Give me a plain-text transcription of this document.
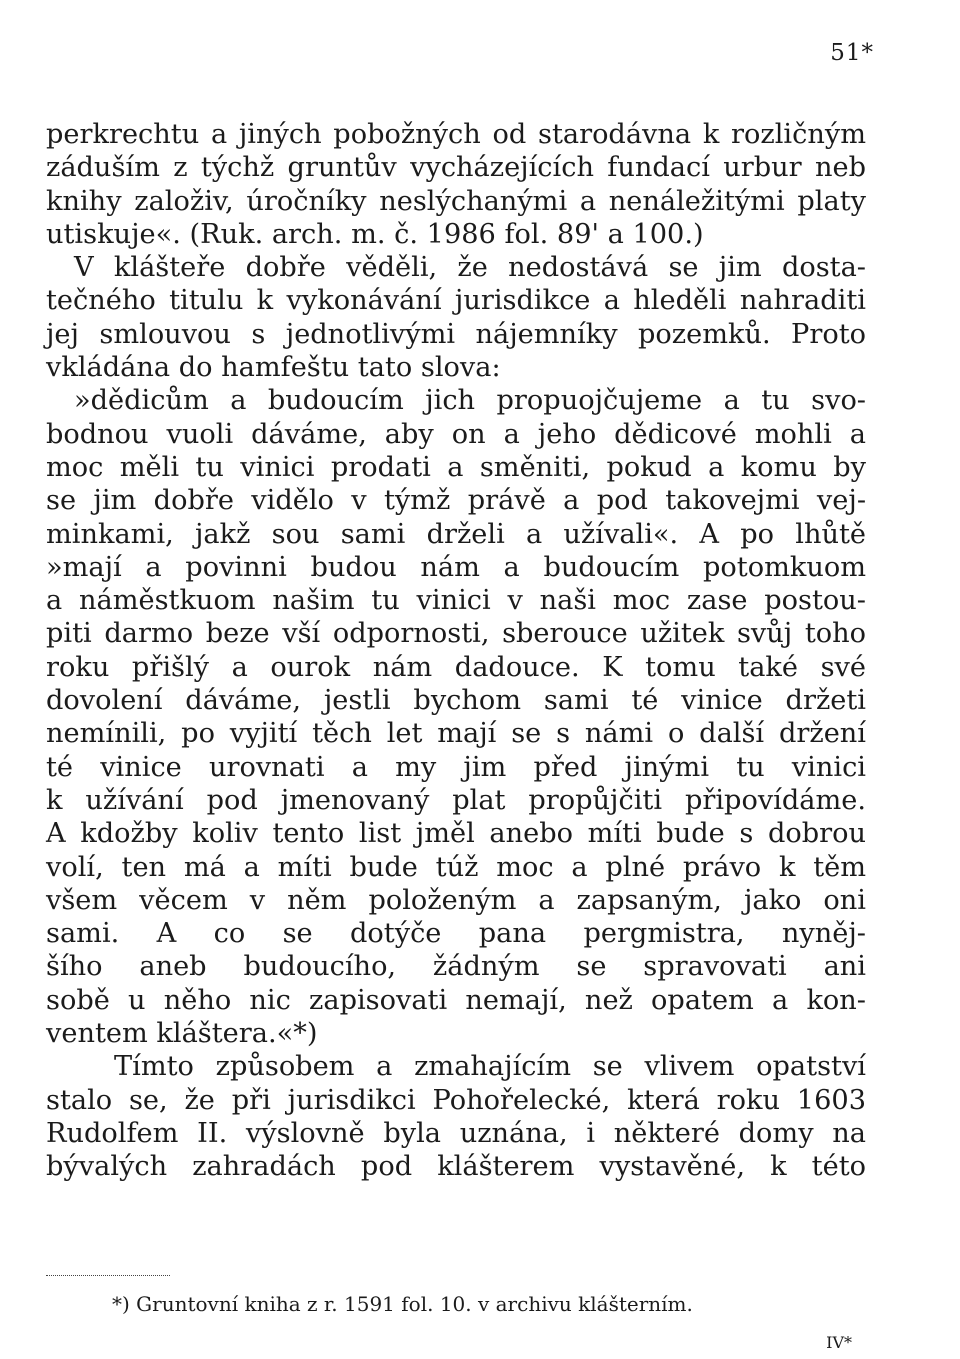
51*
perkrechtu a jiných pobožných od starodávna k rozličným
záduším z týchž gruntův vycházejících fundací urbur neb
knihy založiv, úročníky neslýchanými a nenáležitými platy
utiskuje«. (Ruk. arch. m. č. 1986 fol. 89' a 100.)
V klášteře dobře věděli, že nedostává se jim dosta-
tečného titulu k vykonávání jurisdikce a hleděli nahraditi
jej smlouvou s jednotlivými nájemníky pozemků. Proto
vkládána do hamfeštu tato slova:
»dědicům a budoucím jich propuojčujeme a tu svo-
bodnou vuoli dáváme, aby on a jeho dědicové mohli a
moc měli tu vinici prodati a směniti, pokud a komu by
se jim dobře vidělo v týmž právě a pod takovejmi vej-
minkami, jakž sou sami drželi a užívali«. A po lhůtě
»mají a povinni budou nám a budoucím potomkuom
a náměstkuom našim tu vinici v naši moc zase postou-
piti darmo beze vší odpornosti, sberouce užitek svůj toho
roku přišlý a ourok nám dadouce. K tomu také své
dovolení dáváme, jestli bychom sami té vinice držeti
nemínili, po vyjití těch let mají se s námi o další držení
té vinice urovnati a my jim před jinými tu vinici
k užívání pod jmenovaný plat propůjčiti připovídáme.
A kdožby koliv tento list jměl anebo míti bude s dobrou
volí, ten má a míti bude túž moc a plné právo k těm
všem věcem v něm položeným a zapsaným, jako oni
sami. A co se dotýče pana pergmistra, nyněj-
šího aneb budoucího, žádným se spravovati ani
sobě u něho nic zapisovati nemají, než opatem a kon-
ventem kláštera.«*)
Tímto způsobem a zmahajícím se vlivem opatství
stalo se, že při jurisdikci Pohořelecké, která roku 1603
Rudolfem II. výslovně byla uznána, i některé domy na
bývalých zahradách pod klášterem vystavěné, k této
*) Gruntovní kniha z r. 1591 fol. 10. v archivu klášterním.
IV*
